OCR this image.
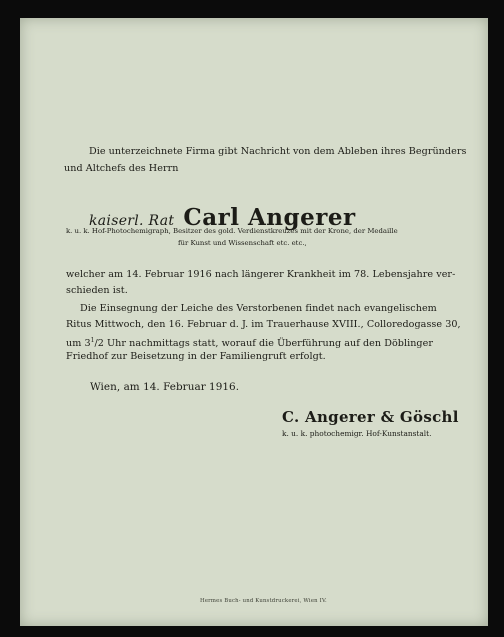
Die unterzeichnete Firma gibt Nachricht von dem Ableben ihres Begründers
und Altchefs des Herrn
kaiserl. Rat Carl Angerer
k. u. k. Hof-Photochemigraph, Besitzer des gold. Verdienstkreuzes mit der Krone, der Medaille
für Kunst und Wissenschaft etc. etc.,
welcher am 14. Februar 1916 nach längerer Krankheit im 78. Lebensjahre ver-
schieden ist.
Die Einsegnung der Leiche des Verstorbenen findet nach evangelischem
Ritus Mittwoch, den 16. Februar d. J. im Trauerhause XVIII., Colloredogasse 30,
um $3^1/2$ Uhr nachmittags statt, worauf die Überführung auf den Döblinger
Friedhof zur Beisetzung in der Familiengruft erfolgt.
Wien, am 14. Februar 1916.
C. Angerer & Göschl
k. u. k. photochemigr. Hof-Kunstanstalt.
Hermes Buch- und Kunstdruckerei, Wien IV.
